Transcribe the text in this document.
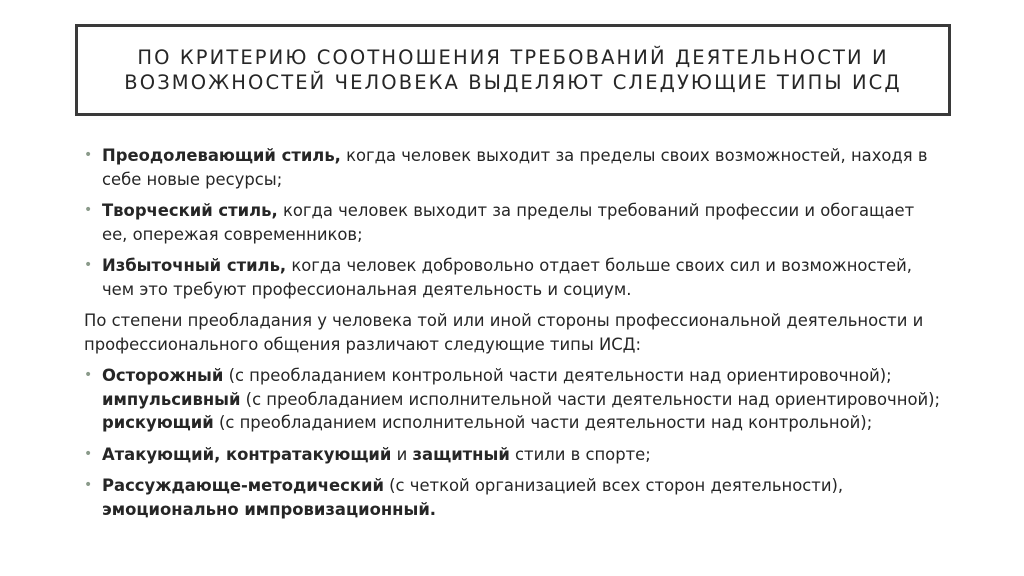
ПО КРИТЕРИЮ СООТНОШЕНИЯ ТРЕБОВАНИЙ ДЕЯТЕЛЬНОСТИ И
ВОЗМОЖНОСТЕЙ ЧЕЛОВЕКА ВЫДЕЛЯЮТ СЛЕДУЮЩИЕ ТИПЫ ИСД
• Преодолевающий стиль, когда человек выходит за пределы своих возможностей, находя в себе новые ресурсы;
• Творческий стиль, когда человек выходит за пределы требований профессии и обогащает ее, опережая современников;
• Избыточный стиль, когда человек добровольно отдает больше своих сил и возможностей, чем это требуют профессиональная деятельность и социум.
По степени преобладания у человека той или иной стороны профессиональной деятельности и профессионального общения различают следующие типы ИСД:
• Осторожный (с преобладанием контрольной части деятельности над ориентировочной); импульсивный (с преобладанием исполнительной части деятельности над ориентировочной); рискующий (с преобладанием исполнительной части деятельности над контрольной);
• Атакующий, контратакующий и защитный стили в спорте;
• Рассуждающе-методический (с четкой организацией всех сторон деятельности), эмоционально импровизационный.
